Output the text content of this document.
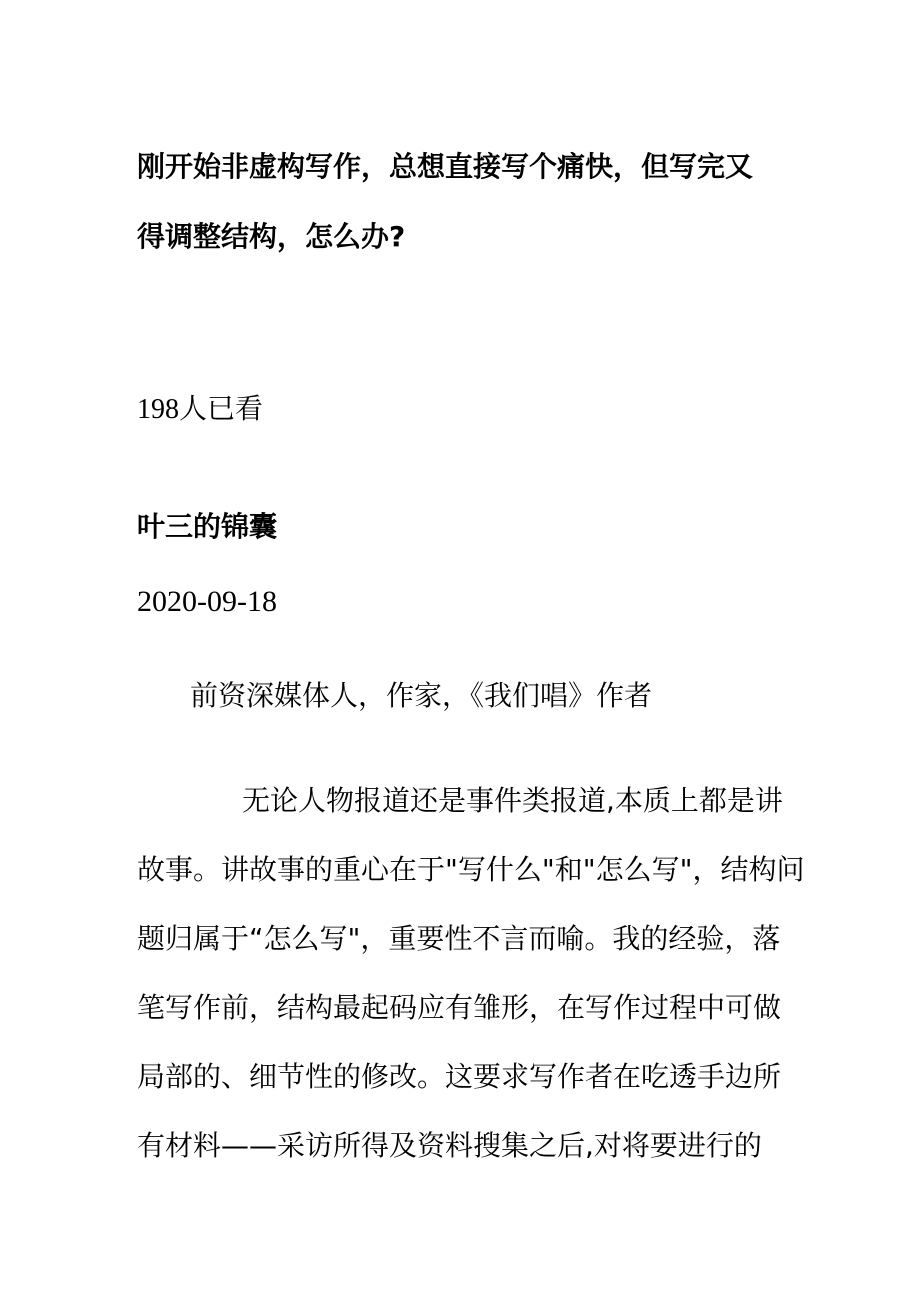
刚开始非虚构写作，总想直接写个痛快，但写完又
得调整结构，怎么办?
198人已看
叶三的锦囊
2020-09-18
前资深媒体人，作家，《我们唱》作者
无论人物报道还是事件类报道,本质上都是讲
故事。讲故事的重心在于"写什么"和"怎么写"，结构问
题归属于“怎么写"，重要性不言而喻。我的经验，落
笔写作前，结构最起码应有雏形，在写作过程中可做
局部的、细节性的修改。这要求写作者在吃透手边所
有材料——采访所得及资料搜集之后,对将要进行的
